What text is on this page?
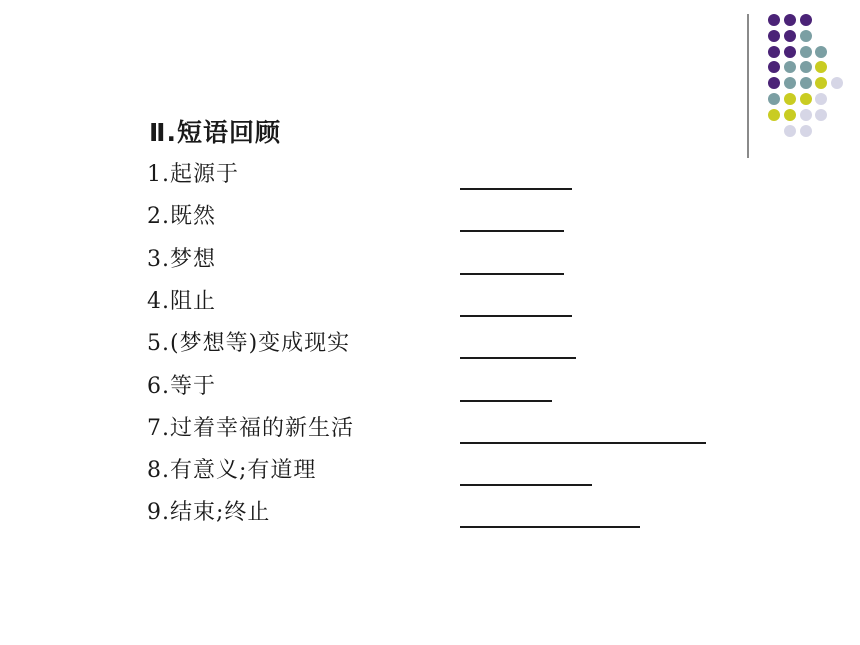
Ⅱ.短语回顾
1.起源于
2.既然
3.梦想
4.阻止
5.(梦想等)变成现实
6.等于
7.过着幸福的新生活
8.有意义;有道理
9.结束;终止
